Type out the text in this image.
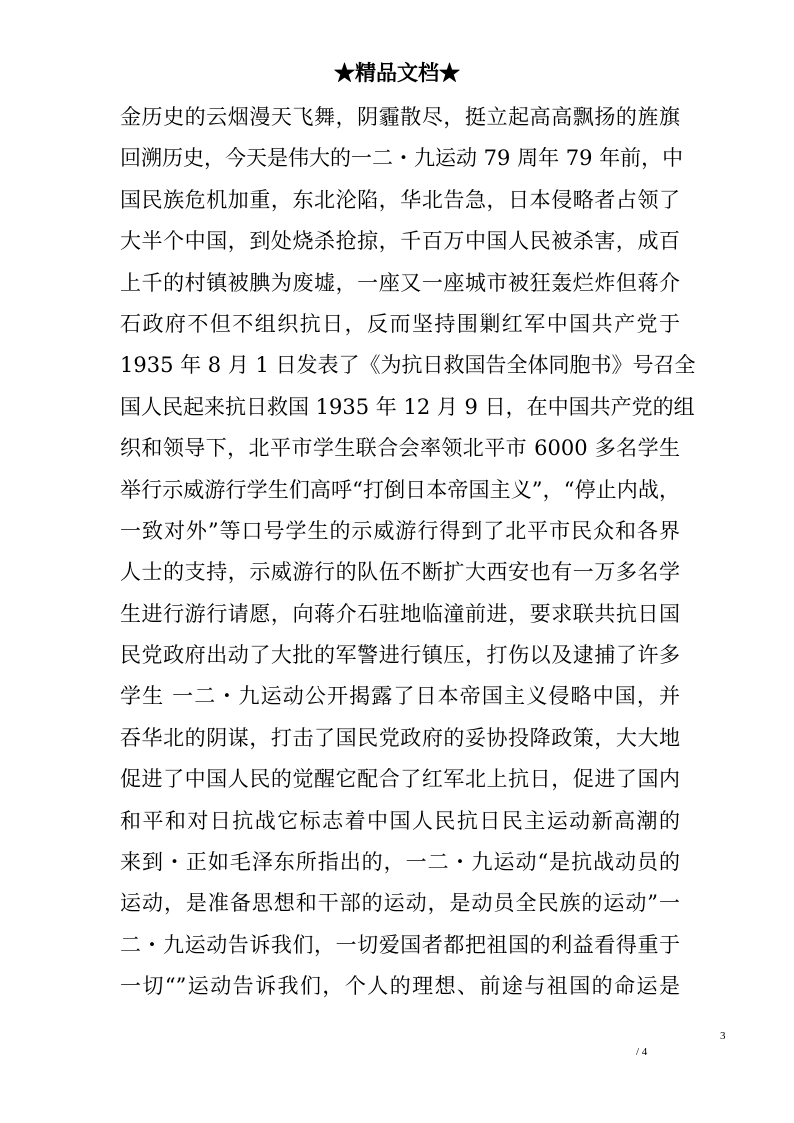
★精品文档★
金历史的云烟漫天飞舞，阴霾散尽，挺立起高高飘扬的旌旗
回溯历史，今天是伟大的一二・九运动 79 周年 79 年前，中
国民族危机加重，东北沦陷，华北告急，日本侵略者占领了
大半个中国，到处烧杀抢掠，千百万中国人民被杀害，成百
上千的村镇被腆为废墟，一座又一座城市被狂轰烂炸但蒋介
石政府不但不组织抗日，反而坚持围剿红军中国共产党于
1935 年 8 月 1 日发表了《为抗日救国告全体同胞书》号召全
国人民起来抗日救国 1935 年 12 月 9 日，在中国共产党的组
织和领导下，北平市学生联合会率领北平市 6000 多名学生
举行示威游行学生们高呼“打倒日本帝国主义”，“停止内战，
一致对外”等口号学生的示威游行得到了北平市民众和各界
人士的支持，示威游行的队伍不断扩大西安也有一万多名学
生进行游行请愿，向蒋介石驻地临潼前进，要求联共抗日国
民党政府出动了大批的军警进行镇压，打伤以及逮捕了许多
学生 一二・九运动公开揭露了日本帝国主义侵略中国，并
吞华北的阴谋，打击了国民党政府的妥协投降政策，大大地
促进了中国人民的觉醒它配合了红军北上抗日，促进了国内
和平和对日抗战它标志着中国人民抗日民主运动新高潮的
来到・正如毛泽东所指出的，一二・九运动“是抗战动员的
运动，是准备思想和干部的运动，是动员全民族的运动”一
二・九运动告诉我们，一切爱国者都把祖国的利益看得重于
一切“”运动告诉我们，个人的理想、前途与祖国的命运是
3
/ 4
